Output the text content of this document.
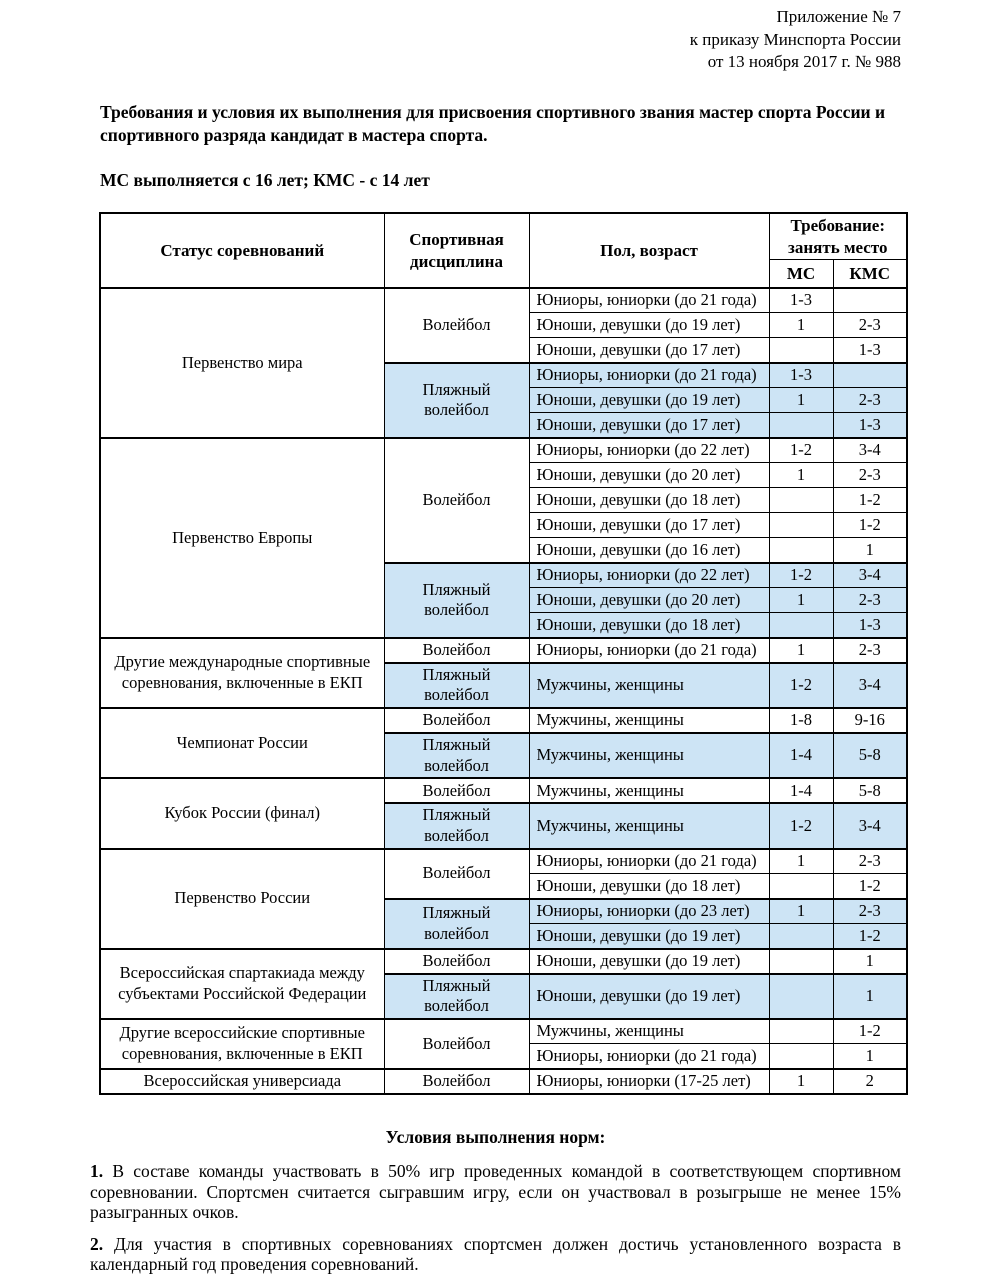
Приложение № 7
к приказу Минспорта России
от 13 ноября 2017 г. № 988

Требования и условия их выполнения для присвоения спортивного звания мастер спорта России и спортивного разряда кандидат в мастера спорта.

МС выполняется с 16 лет; КМС - с 14 лет

Статус соревнований	Спортивная дисциплина	Пол, возраст	Требование: занять место	
			МС	КМС
Первенство мира	Волейбол	Юниоры, юниорки (до 21 года)	1-3	
		Юноши, девушки (до 19 лет)	1	2-3
		Юноши, девушки (до 17 лет)		1-3
	Пляжный волейбол	Юниоры, юниорки (до 21 года)	1-3	
		Юноши, девушки (до 19 лет)	1	2-3
		Юноши, девушки (до 17 лет)		1-3
Первенство Европы	Волейбол	Юниоры, юниорки (до 22 лет)	1-2	3-4
		Юноши, девушки (до 20 лет)	1	2-3
		Юноши, девушки (до 18 лет)		1-2
		Юноши, девушки (до 17 лет)		1-2
		Юноши, девушки (до 16 лет)		1
	Пляжный волейбол	Юниоры, юниорки (до 22 лет)	1-2	3-4
		Юноши, девушки (до 20 лет)	1	2-3
		Юноши, девушки (до 18 лет)		1-3
Другие международные спортивные соревнования, включенные в ЕКП	Волейбол	Юниоры, юниорки (до 21 года)	1	2-3
	Пляжный волейбол	Мужчины, женщины	1-2	3-4
Чемпионат России	Волейбол	Мужчины, женщины	1-8	9-16
	Пляжный волейбол	Мужчины, женщины	1-4	5-8
Кубок России (финал)	Волейбол	Мужчины, женщины	1-4	5-8
	Пляжный волейбол	Мужчины, женщины	1-2	3-4
Первенство России	Волейбол	Юниоры, юниорки (до 21 года)	1	2-3
		Юноши, девушки (до 18 лет)		1-2
	Пляжный волейбол	Юниоры, юниорки (до 23 лет)	1	2-3
		Юноши, девушки (до 19 лет)		1-2
Всероссийская спартакиада между субъектами Российской Федерации	Волейбол	Юноши, девушки (до 19 лет)		1
	Пляжный волейбол	Юноши, девушки (до 19 лет)		1
Другие всероссийские спортивные соревнования, включенные в ЕКП	Волейбол	Мужчины, женщины		1-2
		Юниоры, юниорки (до 21 года)		1
Всероссийская универсиада	Волейбол	Юниоры, юниорки (17-25 лет)	1	2

Условия выполнения норм:

1. В составе команды участвовать в 50% игр проведенных командой в соответствующем спортивном соревновании. Спортсмен считается сыгравшим игру, если он участвовал в розыгрыше не менее 15% разыгранных очков.

2. Для участия в спортивных соревнованиях спортсмен должен достичь установленного возраста в календарный год проведения соревнований.
